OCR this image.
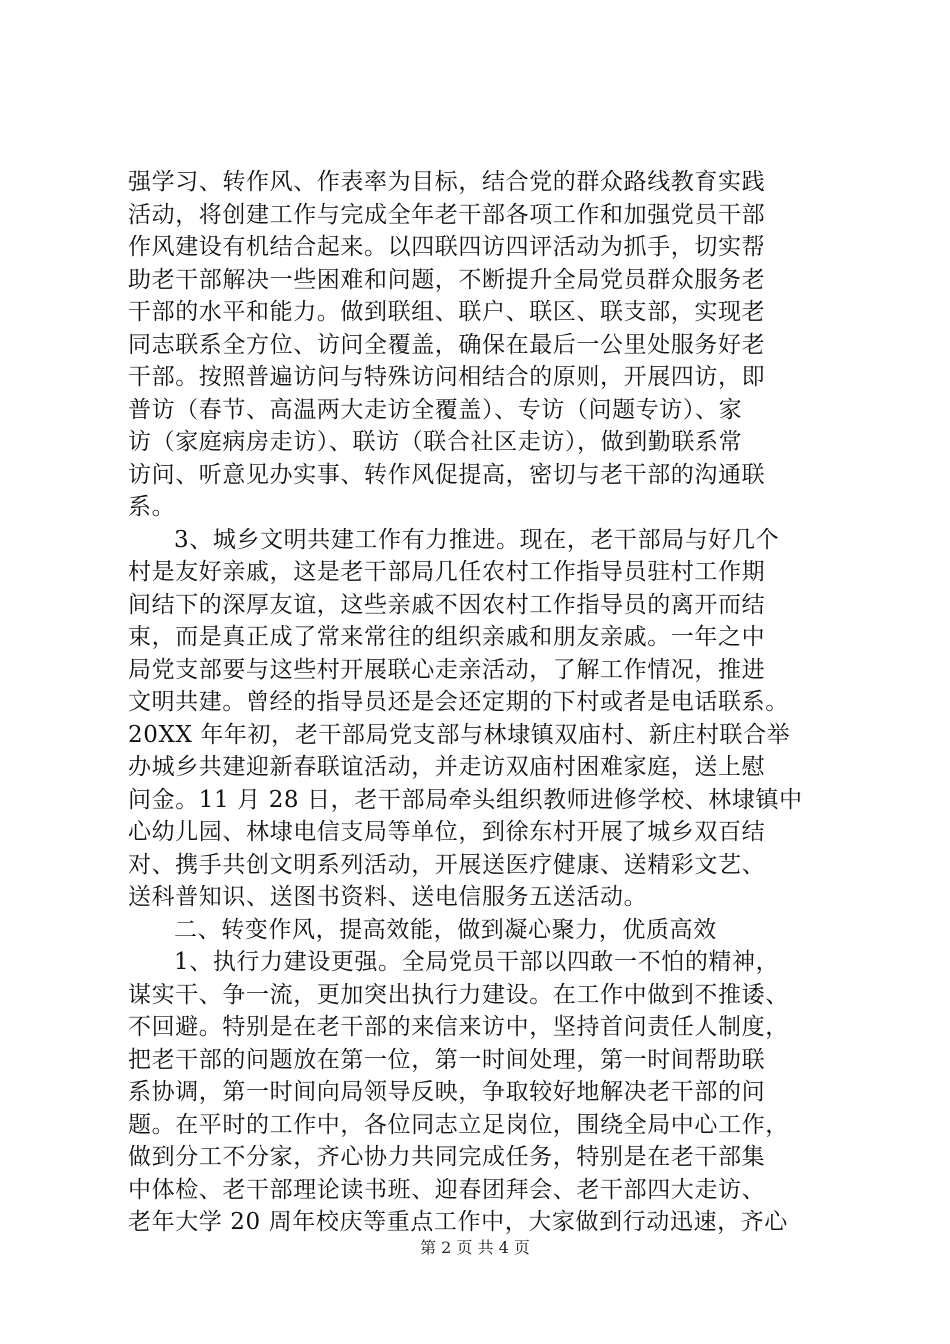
强学习、转作风、作表率为目标，结合党的群众路线教育实践
活动，将创建工作与完成全年老干部各项工作和加强党员干部
作风建设有机结合起来。以四联四访四评活动为抓手，切实帮
助老干部解决一些困难和问题，不断提升全局党员群众服务老
干部的水平和能力。做到联组、联户、联区、联支部，实现老
同志联系全方位、访问全覆盖，确保在最后一公里处服务好老
干部。按照普遍访问与特殊访问相结合的原则，开展四访，即
普访（春节、高温两大走访全覆盖）、专访（问题专访）、家
访（家庭病房走访）、联访（联合社区走访），做到勤联系常
访问、听意见办实事、转作风促提高，密切与老干部的沟通联
系。
3、城乡文明共建工作有力推进。现在，老干部局与好几个
村是友好亲戚，这是老干部局几任农村工作指导员驻村工作期
间结下的深厚友谊，这些亲戚不因农村工作指导员的离开而结
束，而是真正成了常来常往的组织亲戚和朋友亲戚。一年之中
局党支部要与这些村开展联心走亲活动，了解工作情况，推进
文明共建。曾经的指导员还是会还定期的下村或者是电话联系。
20XX 年年初，老干部局党支部与林埭镇双庙村、新庄村联合举
办城乡共建迎新春联谊活动，并走访双庙村困难家庭，送上慰
问金。11 月 28 日，老干部局牵头组织教师进修学校、林埭镇中
心幼儿园、林埭电信支局等单位，到徐东村开展了城乡双百结
对、携手共创文明系列活动，开展送医疗健康、送精彩文艺、
送科普知识、送图书资料、送电信服务五送活动。
二、转变作风，提高效能，做到凝心聚力，优质高效
1、执行力建设更强。全局党员干部以四敢一不怕的精神，
谋实干、争一流，更加突出执行力建设。在工作中做到不推诿、
不回避。特别是在老干部的来信来访中，坚持首问责任人制度，
把老干部的问题放在第一位，第一时间处理，第一时间帮助联
系协调，第一时间向局领导反映，争取较好地解决老干部的问
题。在平时的工作中，各位同志立足岗位，围绕全局中心工作，
做到分工不分家，齐心协力共同完成任务，特别是在老干部集
中体检、老干部理论读书班、迎春团拜会、老干部四大走访、
老年大学 20 周年校庆等重点工作中，大家做到行动迅速，齐心
第 2 页 共 4 页
